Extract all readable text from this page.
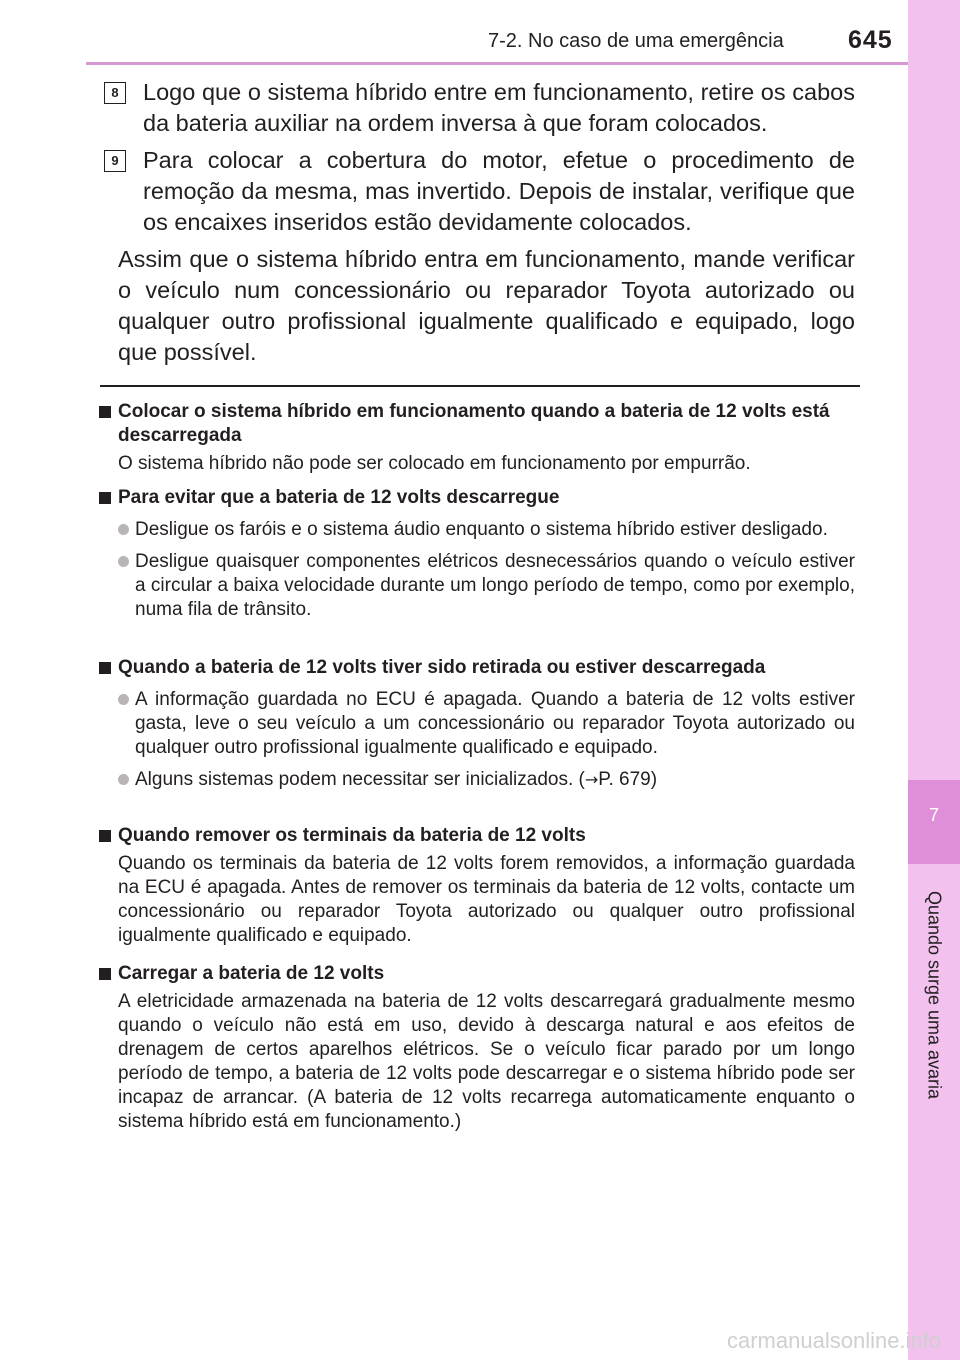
7-2. No caso de uma emergência	645
7
Quando surge uma avaria
8	Logo que o sistema híbrido entre em funcionamento, retire os cabos da bateria auxiliar na ordem inversa à que foram colocados.
9	Para colocar a cobertura do motor, efetue o procedimento de remoção da mesma, mas invertido. Depois de instalar, verifique que os encaixes inseridos estão devidamente colocados.
Assim que o sistema híbrido entra em funcionamento, mande verificar o veículo num concessionário ou reparador Toyota autorizado ou qualquer outro profissional igualmente qualificado e equipado, logo que possível.
Colocar o sistema híbrido em funcionamento quando a bateria de 12 volts está descarregada
O sistema híbrido não pode ser colocado em funcionamento por empurrão.
Para evitar que a bateria de 12 volts descarregue
Desligue os faróis e o sistema áudio enquanto o sistema híbrido estiver desligado.
Desligue quaisquer componentes elétricos desnecessários quando o veículo estiver a circular a baixa velocidade durante um longo período de tempo, como por exemplo, numa fila de trânsito.
Quando a bateria de 12 volts tiver sido retirada ou estiver descarregada
A informação guardada no ECU é apagada. Quando a bateria de 12 volts estiver gasta, leve o seu veículo a um concessionário ou reparador Toyota autorizado ou qualquer outro profissional igualmente qualificado e equipado.
Alguns sistemas podem necessitar ser inicializados. (→P. 679)
Quando remover os terminais da bateria de 12 volts
Quando os terminais da bateria de 12 volts forem removidos, a informação guardada na ECU é apagada. Antes de remover os terminais da bateria de 12 volts, contacte um concessionário ou reparador Toyota autorizado ou qualquer outro profissional igualmente qualificado e equipado.
Carregar a bateria de 12 volts
A eletricidade armazenada na bateria de 12 volts descarregará gradualmente mesmo quando o veículo não está em uso, devido à descarga natural e aos efeitos de drenagem de certos aparelhos elétricos. Se o veículo ficar parado por um longo período de tempo, a bateria de 12 volts pode descarregar e o sistema híbrido pode ser incapaz de arrancar. (A bateria de 12 volts recarrega automaticamente enquanto o sistema híbrido está em funcionamento.)
carmanualsonline.info
